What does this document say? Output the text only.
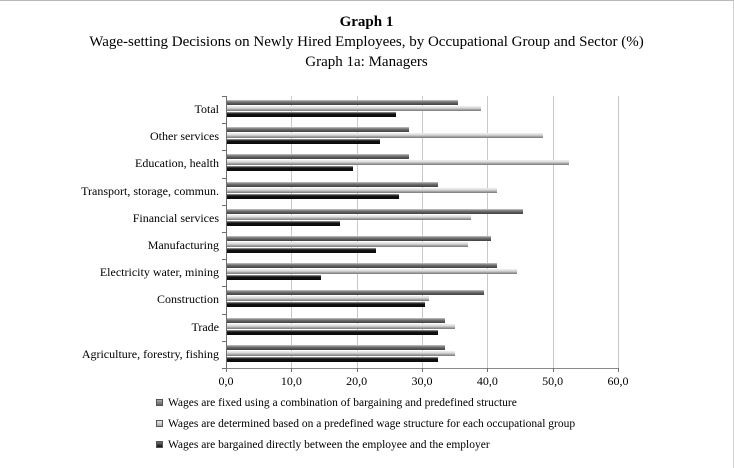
Graph 1
Wage-setting Decisions on Newly Hired Employees, by Occupational Group and Sector (%)
Graph 1a: Managers
Total
Other services
Education, health
Transport, storage, commun.
Financial services
Manufacturing
Electricity water, mining
Construction
Trade
Agriculture, forestry, fishing
0,0	10,0	20,0	30,0	40,0	50,0	60,0
Wages are fixed using a combination of bargaining and predefined structure
Wages are determined based on a predefined wage structure for each occupational group
Wages are bargained directly between the employee and the employer
